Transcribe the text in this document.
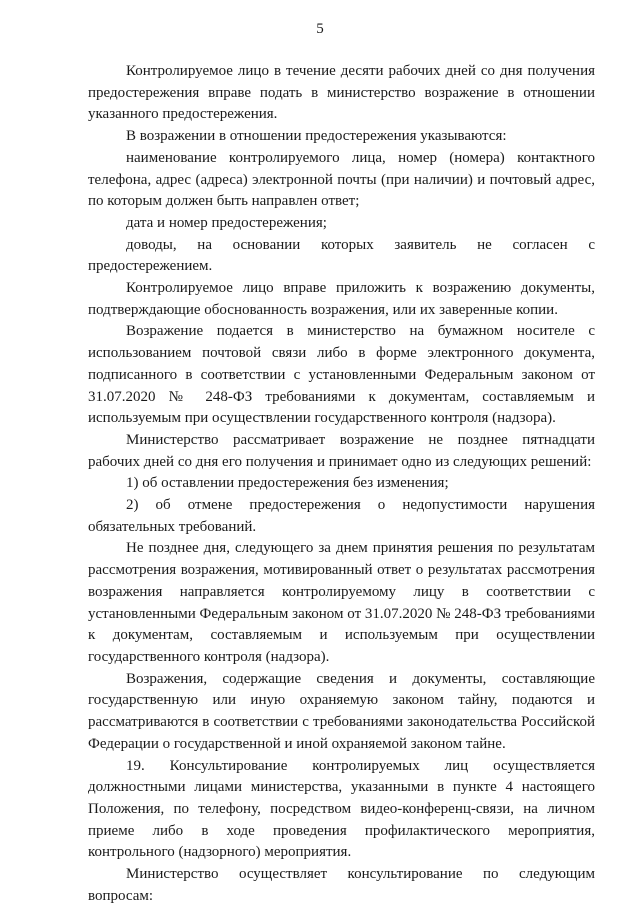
5

Контролируемое лицо в течение десяти рабочих дней со дня получения предостережения вправе подать в министерство возражение в отношении указанного предостережения.

В возражении в отношении предостережения указываются:

наименование контролируемого лица, номер (номера) контактного телефона, адрес (адреса) электронной почты (при наличии) и почтовый адрес, по которым должен быть направлен ответ;

дата и номер предостережения;

доводы, на основании которых заявитель не согласен с предостережением.

Контролируемое лицо вправе приложить к возражению документы, подтверждающие обоснованность возражения, или их заверенные копии.

Возражение подается в министерство на бумажном носителе с использованием почтовой связи либо в форме электронного документа, подписанного в соответствии с установленными Федеральным законом от 31.07.2020 № 248-ФЗ требованиями к документам, составляемым и используемым при осуществлении государственного контроля (надзора).

Министерство рассматривает возражение не позднее пятнадцати рабочих дней со дня его получения и принимает одно из следующих решений:

1) об оставлении предостережения без изменения;

2) об отмене предостережения о недопустимости нарушения обязательных требований.

Не позднее дня, следующего за днем принятия решения по результатам рассмотрения возражения, мотивированный ответ о результатах рассмотрения возражения направляется контролируемому лицу в соответствии с установленными Федеральным законом от 31.07.2020 № 248-ФЗ требованиями к документам, составляемым и используемым при осуществлении государственного контроля (надзора).

Возражения, содержащие сведения и документы, составляющие государственную или иную охраняемую законом тайну, подаются и рассматриваются в соответствии с требованиями законодательства Российской Федерации о государственной и иной охраняемой законом тайне.

19. Консультирование контролируемых лиц осуществляется должностными лицами министерства, указанными в пункте 4 настоящего Положения, по телефону, посредством видео-конференц-связи, на личном приеме либо в ходе проведения профилактического мероприятия, контрольного (надзорного) мероприятия.

Министерство осуществляет консультирование по следующим вопросам:
